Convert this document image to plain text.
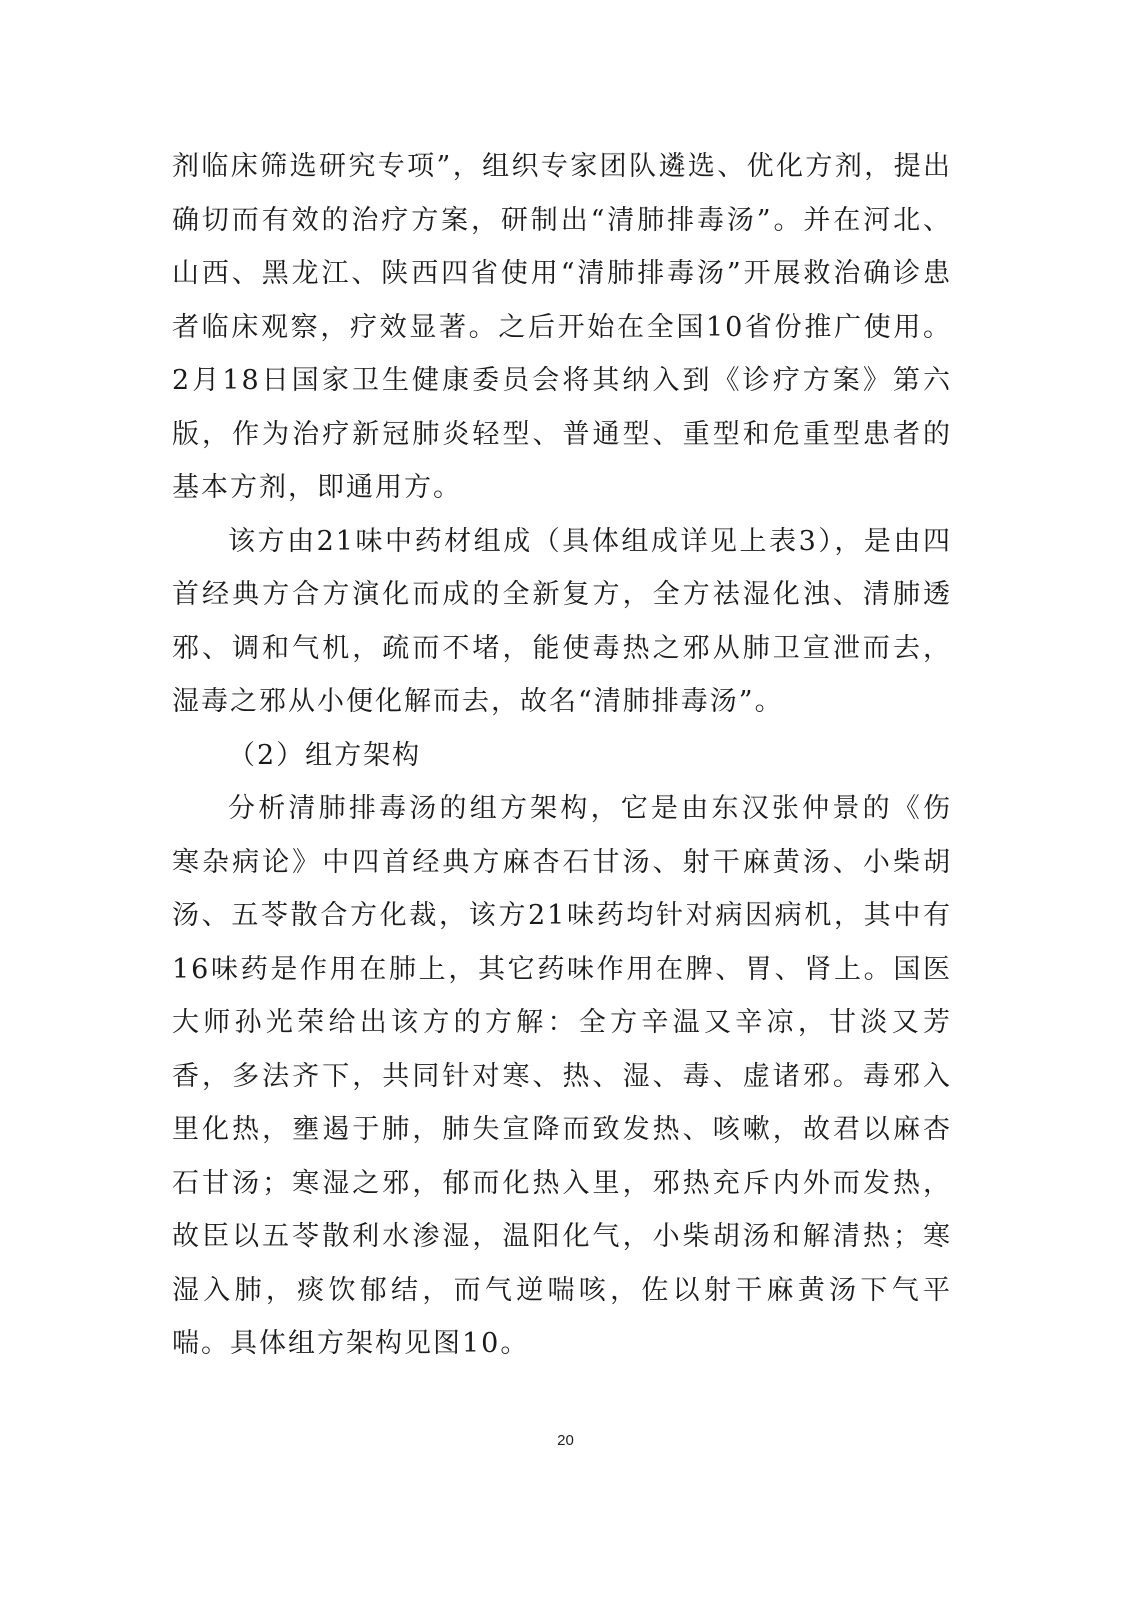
剂临床筛选研究专项”，组织专家团队遴选、优化方剂，提出确切而有效的治疗方案，研制出“清肺排毒汤”。并在河北、山西、黑龙江、陕西四省使用“清肺排毒汤”开展救治确诊患者临床观察，疗效显著。之后开始在全国10省份推广使用。2月18日国家卫生健康委员会将其纳入到《诊疗方案》第六版，作为治疗新冠肺炎轻型、普通型、重型和危重型患者的基本方剂，即通用方。

该方由21味中药材组成（具体组成详见上表3），是由四首经典方合方演化而成的全新复方，全方祛湿化浊、清肺透邪、调和气机，疏而不堵，能使毒热之邪从肺卫宣泄而去，湿毒之邪从小便化解而去，故名“清肺排毒汤”。

（2）组方架构

分析清肺排毒汤的组方架构，它是由东汉张仲景的《伤寒杂病论》中四首经典方麻杏石甘汤、射干麻黄汤、小柴胡汤、五苓散合方化裁，该方21味药均针对病因病机，其中有16味药是作用在肺上，其它药味作用在脾、胃、肾上。国医大师孙光荣给出该方的方解：全方辛温又辛凉，甘淡又芳香，多法齐下，共同针对寒、热、湿、毒、虚诸邪。毒邪入里化热，壅遏于肺，肺失宣降而致发热、咳嗽，故君以麻杏石甘汤；寒湿之邪，郁而化热入里，邪热充斥内外而发热，故臣以五苓散利水渗湿，温阳化气，小柴胡汤和解清热；寒湿入肺，痰饮郁结，而气逆喘咳，佐以射干麻黄汤下气平喘。具体组方架构见图10。

20
